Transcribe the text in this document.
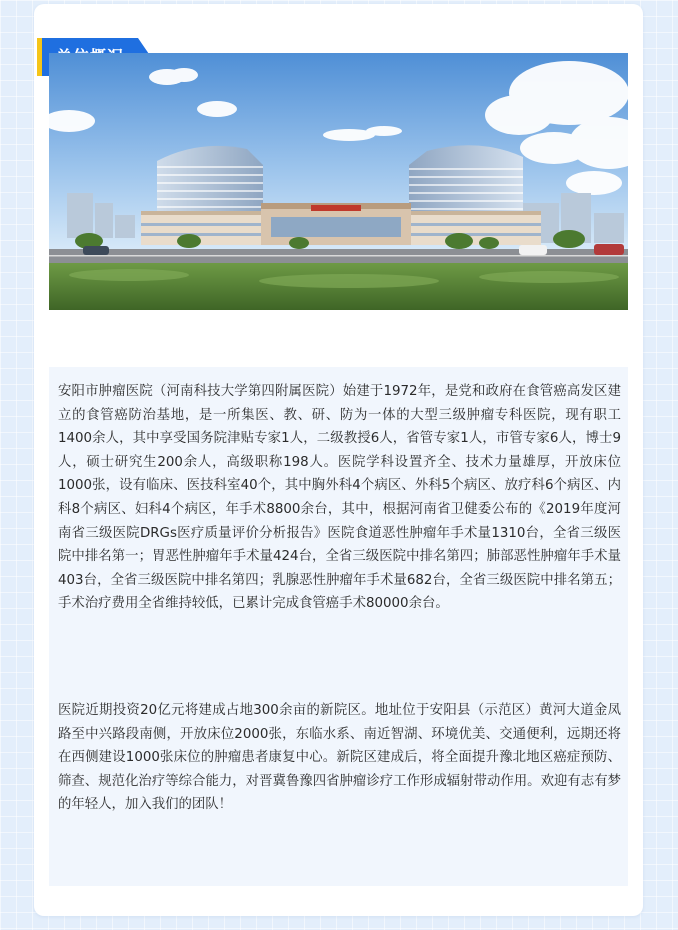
安阳市肿瘤医院（河南科技大学第四附属医院）始建于1972年，是党和政府在食管癌高发区建立的食管癌防治基地，是一所集医、教、研、防为一体的大型三级肿瘤专科医院，现有职工1400余人，其中享受国务院津贴专家1人，二级教授6人，省管专家1人，市管专家6人，博士9人，硕士研究生200余人，高级职称198人。医院学科设置齐全、技术力量雄厚，开放床位1000张，设有临床、医技科室40个，其中胸外科4个病区、外科5个病区、放疗科6个病区、内科8个病区、妇科4个病区，年手术8800余台，其中，根据河南省卫健委公布的《2019年度河南省三级医院DRGs医疗质量评价分析报告》医院食道恶性肿瘤年手术量1310台，全省三级医院中排名第一；胃恶性肿瘤年手术量424台，全省三级医院中排名第四；肺部恶性肿瘤年手术量403台，全省三级医院中排名第四；乳腺恶性肿瘤年手术量682台，全省三级医院中排名第五；手术治疗费用全省维持较低，已累计完成食管癌手术80000余台。

医院近期投资20亿元将建成占地300余亩的新院区。地址位于安阳县（示范区）黄河大道金凤路至中兴路段南侧，开放床位2000张，东临水系、南近智湖、环境优美、交通便利，远期还将在西侧建设1000张床位的肿瘤患者康复中心。新院区建成后，将全面提升豫北地区癌症预防、筛查、规范化治疗等综合能力，对晋冀鲁豫四省肿瘤诊疗工作形成辐射带动作用。欢迎有志有梦的年轻人，加入我们的团队！
